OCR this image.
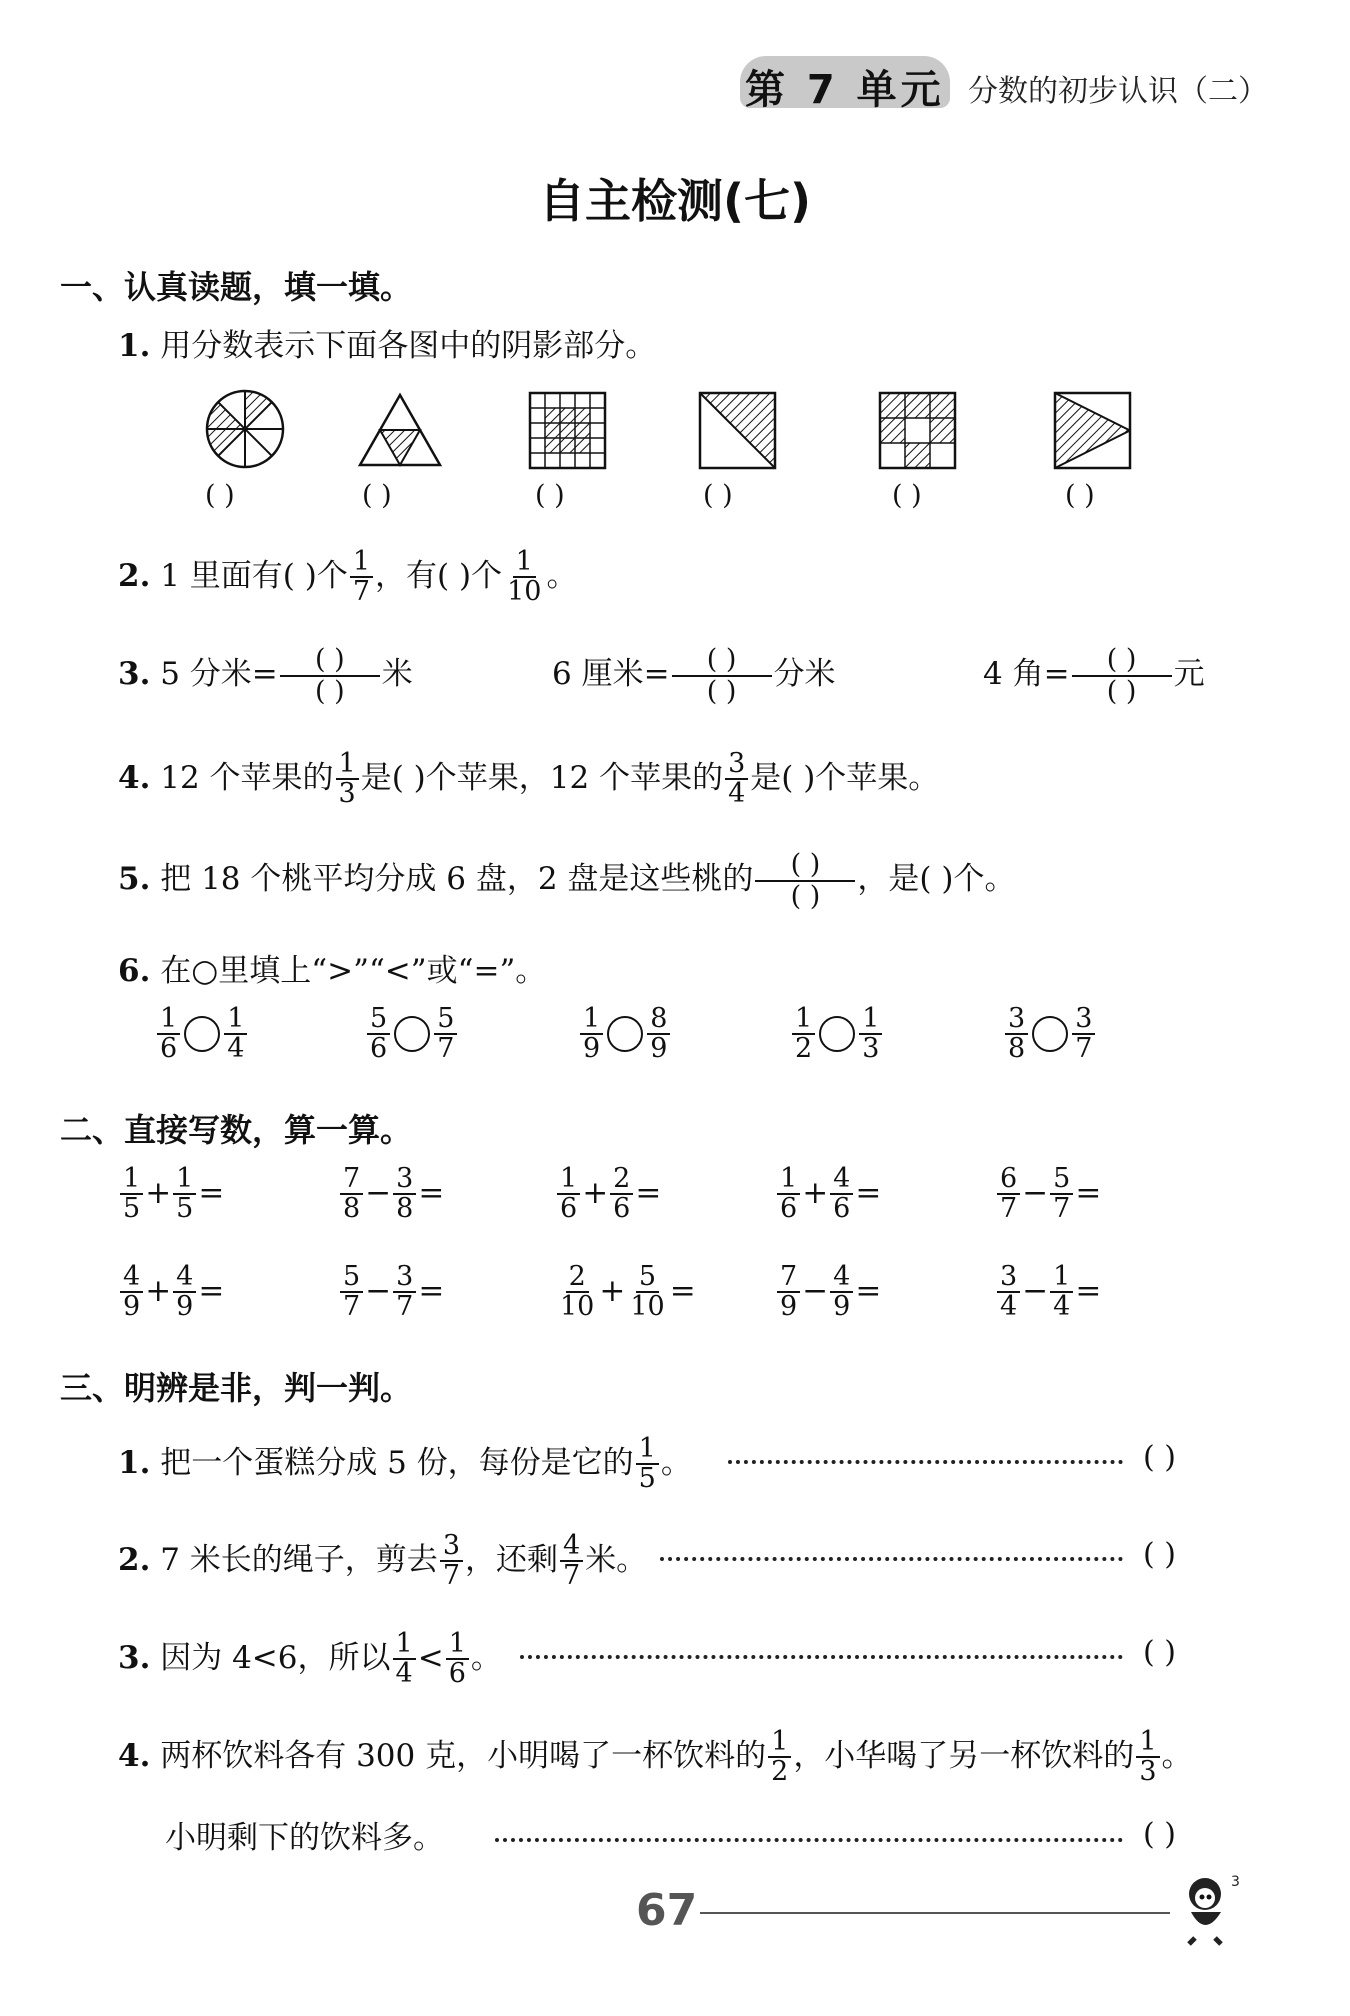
第 7 单元 分数的初步认识（二）
自主检测(七)
一、认真读题，填一填。
1. 用分数表示下面各图中的阴影部分。
( )	( )	( )	( )	( )	( )
2. 1 里面有( )个 $\frac{1}{7}$ ，有( )个 $\frac{1}{10}$ 。
3. 5 分米=	( )
( )	米	6 厘米=	( )
( )	分米	4 角=	( )
( )	元
4. 12 个苹果的 $\frac{1}{3}$ 是( )个苹果，12 个苹果的 $\frac{3}{4}$ 是( )个苹果。
5. 把 18 个桃平均分成 6 盘，2 盘是这些桃的	( )
( )	，是( )个。
6. 在○里填上“>”“<”或“=”。
$\frac{1}{6} \frac{1}{4}$	$\frac{5}{6} \frac{5}{7}$	$\frac{1}{9} \frac{8}{9}$	$\frac{1}{2} \frac{1}{3}$	$\frac{3}{8} \frac{3}{7}$
二、直接写数，算一算。
$\frac{1}{5} + \frac{1}{5}$ =	$\frac{7}{8} - \frac{3}{8}$ =	$\frac{1}{6} + \frac{2}{6}$ =	$\frac{1}{6} + \frac{4}{6}$ =	$\frac{6}{7} - \frac{5}{7}$ =
$\frac{4}{9} + \frac{4}{9}$ =	$\frac{5}{7} - \frac{3}{7}$ =	$\frac{2}{10} + \frac{5}{10}$ =	$\frac{7}{9} - \frac{4}{9}$ =	$\frac{3}{4} - \frac{1}{4}$ =
三、明辨是非，判一判。
1. 把一个蛋糕分成 5 份，每份是它的 $\frac{1}{5}$ 。	( )
2. 7 米长的绳子，剪去 $\frac{3}{7}$ ，还剩 $\frac{4}{7}$ 米。	( )
3. 因为 4<6，所以 $\frac{1}{4} < \frac{1}{6}$ 。	( )
4. 两杯饮料各有 300 克，小明喝了一杯饮料的 $\frac{1}{2}$ ，小华喝了另一杯饮料的 $\frac{1}{3}$ 。
小明剩下的饮料多。	( )
67
3
